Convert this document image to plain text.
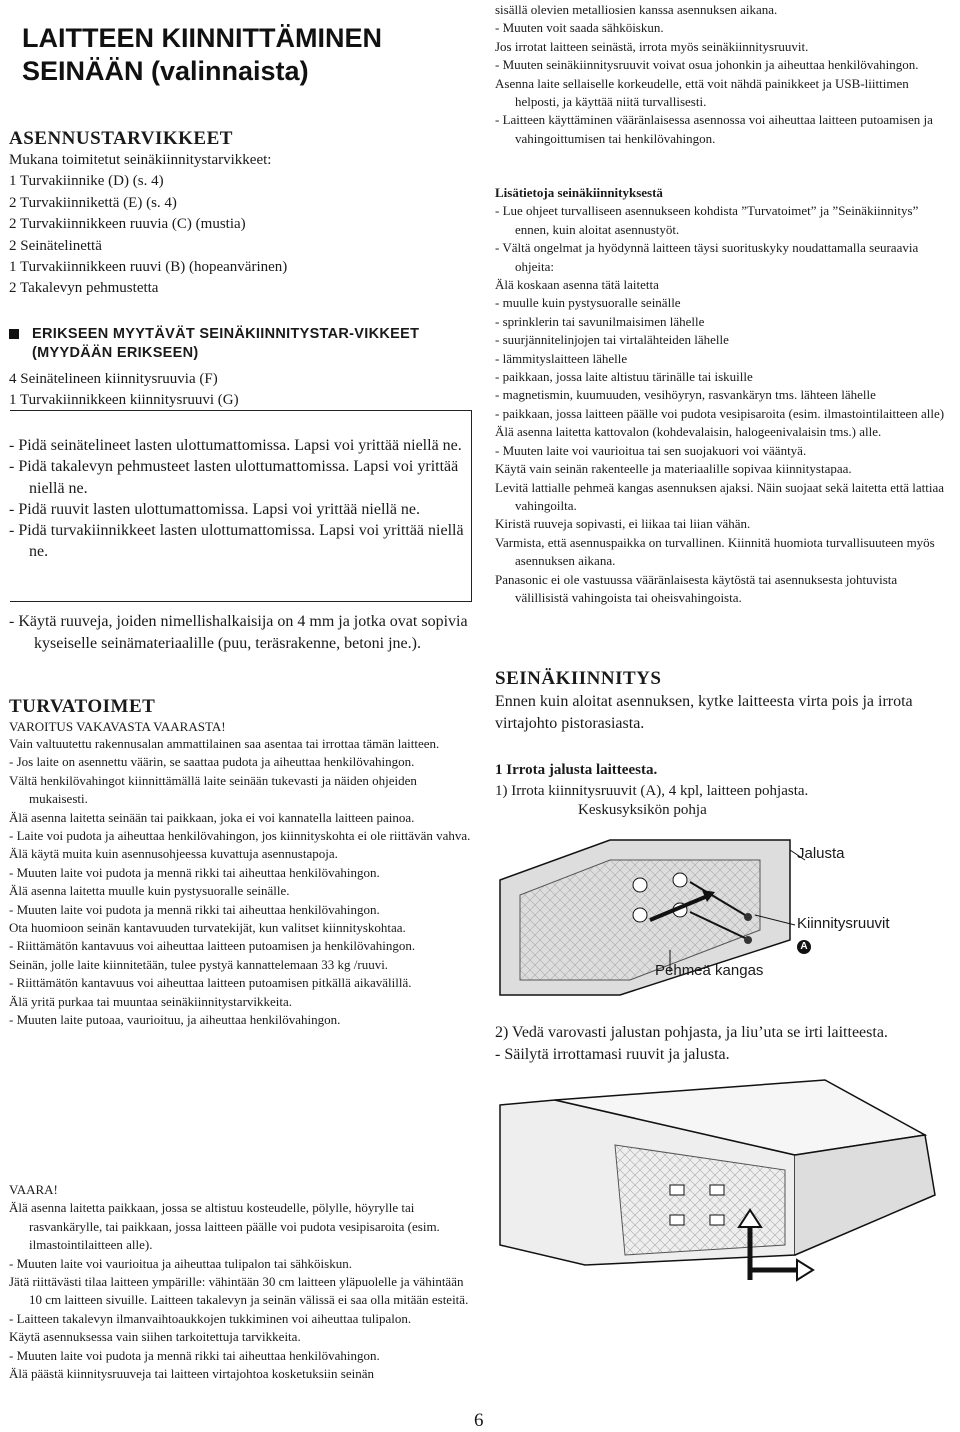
LAITTEEN KIINNITTÄMINEN SEINÄÄN (valinnaista)
ASENNUSTARVIKKEET

Mukana toimitetut seinäkiinnitystarvikkeet:

1 Turvakiinnike (D) (s. 4)

2 Turvakiinnikettä (E) (s. 4)

2 Turvakiinnikkeen ruuvia (C) (mustia)

2 Seinätelinettä

1 Turvakiinnikkeen ruuvi (B) (hopeanvärinen)

2 Takalevyn pehmustetta

ERIKSEEN MYYTÄVÄT SEINÄKIINNITYSTAR-VIKKEET (MYYDÄÄN ERIKSEEN)

4 Seinätelineen kiinnitysruuvia (F)

1 Turvakiinnikkeen kiinnitysruuvi (G)

- Pidä seinätelineet lasten ulottumattomissa. Lapsi voi yrittää niellä ne.

- Pidä takalevyn pehmusteet lasten ulottumattomissa. Lapsi voi yrittää niellä ne.

- Pidä ruuvit lasten ulottumattomissa. Lapsi voi yrittää niellä ne.

- Pidä turvakiinnikkeet lasten ulottumattomissa. Lapsi voi yrittää niellä ne.

- Käytä ruuveja, joiden nimellishalkaisija on 4 mm ja jotka ovat sopivia kyseiselle seinämateriaalille (puu, teräsrakenne, betoni jne.).

TURVATOIMET

VAROITUS VAKAVASTA VAARASTA!

Vain valtuutettu rakennusalan ammattilainen saa asentaa tai irrottaa tämän laitteen.

- Jos laite on asennettu väärin, se saattaa pudota ja aiheuttaa henkilövahingon.

Vältä henkilövahingot kiinnittämällä laite seinään tukevasti ja näiden ohjeiden mukaisesti.

Älä asenna laitetta seinään tai paikkaan, joka ei voi kannatella laitteen painoa.

- Laite voi pudota ja aiheuttaa henkilövahingon, jos kiinnityskohta ei ole riittävän vahva.

Älä käytä muita kuin asennusohjeessa kuvattuja asennustapoja.

- Muuten laite voi pudota ja mennä rikki tai aiheuttaa henkilövahingon.

Älä asenna laitetta muulle kuin pystysuoralle seinälle.

- Muuten laite voi pudota ja mennä rikki tai aiheuttaa henkilövahingon.

Ota huomioon seinän kantavuuden turvatekijät, kun valitset kiinnityskohtaa.

- Riittämätön kantavuus voi aiheuttaa laitteen putoamisen ja henkilövahingon.

Seinän, jolle laite kiinnitetään, tulee pystyä kannattelemaan 33 kg /ruuvi.

- Riittämätön kantavuus voi aiheuttaa laitteen putoamisen pitkällä aikavälillä.

Älä yritä purkaa tai muuntaa seinäkiinnitystarvikkeita.

- Muuten laite putoaa, vaurioituu, ja aiheuttaa henkilövahingon.

VAARA!

Älä asenna laitetta paikkaan, jossa se altistuu kosteudelle, pölylle, höyrylle tai rasvankärylle, tai paikkaan, jossa laitteen päälle voi pudota vesipisaroita (esim. ilmastointilaitteen alle).

- Muuten laite voi vaurioitua ja aiheuttaa tulipalon tai sähköiskun.

Jätä riittävästi tilaa laitteen ympärille: vähintään 30 cm laitteen yläpuolelle ja vähintään 10 cm laitteen sivuille. Laitteen takalevyn ja seinän välissä ei saa olla mitään esteitä.

- Laitteen takalevyn ilmanvaihtoaukkojen tukkiminen voi aiheuttaa tulipalon.

Käytä asennuksessa vain siihen tarkoitettuja tarvikkeita.

- Muuten laite voi pudota ja mennä rikki tai aiheuttaa henkilövahingon.

Älä päästä kiinnitysruuveja tai laitteen virtajohtoa kosketuksiin seinän

6

sisällä olevien metalliosien kanssa asennuksen aikana.

- Muuten voit saada sähköiskun.

Jos irrotat laitteen seinästä, irrota myös seinäkiinnitysruuvit.

- Muuten seinäkiinnitysruuvit voivat osua johonkin ja aiheuttaa henkilövahingon.

Asenna laite sellaiselle korkeudelle, että voit nähdä painikkeet ja USB-liittimen helposti, ja käyttää niitä turvallisesti.

- Laitteen käyttäminen vääränlaisessa asennossa voi aiheuttaa laitteen putoamisen ja vahingoittumisen tai henkilövahingon.

Lisätietoja seinäkiinnityksestä

- Lue ohjeet turvalliseen asennukseen kohdista ”Turvatoimet” ja ”Seinäkiinnitys” ennen, kuin aloitat asennustyöt.

- Vältä ongelmat ja hyödynnä laitteen täysi suorituskyky noudattamalla seuraavia ohjeita:

Älä koskaan asenna tätä laitetta

- muulle kuin pystysuoralle seinälle

- sprinklerin tai savunilmaisimen lähelle

- suurjännitelinjojen tai virtalähteiden lähelle

- lämmityslaitteen lähelle

- paikkaan, jossa laite altistuu tärinälle tai iskuille

- magnetismin, kuumuuden, vesihöyryn, rasvankäryn tms. lähteen lähelle

- paikkaan, jossa laitteen päälle voi pudota vesipisaroita (esim. ilmastointilaitteen alle)

Älä asenna laitetta kattovalon (kohdevalaisin, halogeenivalaisin tms.) alle.

- Muuten laite voi vaurioitua tai sen suojakuori voi vääntyä.

Käytä vain seinän rakenteelle ja materiaalille sopivaa kiinnitystapaa.

Levitä lattialle pehmeä kangas asennuksen ajaksi. Näin suojaat sekä laitetta että lattiaa vahingoilta.

Kiristä ruuveja sopivasti, ei liikaa tai liian vähän.

Varmista, että asennuspaikka on turvallinen. Kiinnitä huomiota turvallisuuteen myös asennuksen aikana.

Panasonic ei ole vastuussa vääränlaisesta käytöstä tai asennuksesta johtuvista välillisistä vahingoista tai oheisvahingoista.

SEINÄKIINNITYS

Ennen kuin aloitat asennuksen, kytke laitteesta virta pois ja irrota virtajohto pistorasiasta.

1 Irrota jalusta laitteesta.

1) Irrota kiinnitysruuvit (A), 4 kpl, laitteen pohjasta.

Keskusyksikön pohja
Jalusta
Kiinnitysruuvit
A
Pehmeä kangas

2) Vedä varovasti jalustan pohjasta, ja liu’uta se irti laitteesta.

- Säilytä irrottamasi ruuvit ja jalusta.
